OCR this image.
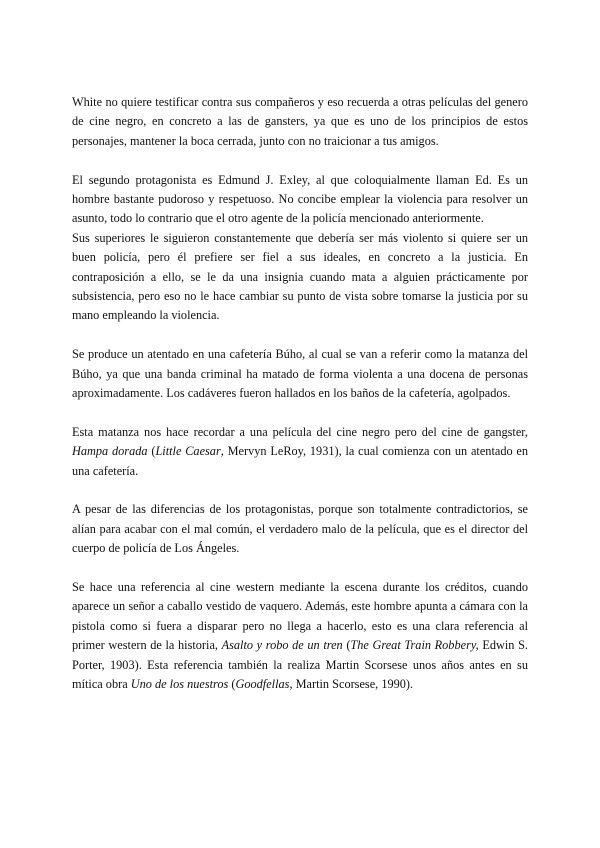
White no quiere testificar contra sus compañeros y eso recuerda a otras películas del genero de cine negro, en concreto a las de gansters, ya que es uno de los principios de estos personajes, mantener la boca cerrada, junto con no traicionar a tus amigos.

El segundo protagonista es Edmund J. Exley, al que coloquialmente llaman Ed. Es un hombre bastante pudoroso y respetuoso. No concibe emplear la violencia para resolver un asunto, todo lo contrario que el otro agente de la policía mencionado anteriormente.

Sus superiores le siguieron constantemente que debería ser más violento si quiere ser un buen policía, pero él prefiere ser fiel a sus ideales, en concreto a la justicia. En contraposición a ello, se le da una insignia cuando mata a alguien prácticamente por subsistencia, pero eso no le hace cambiar su punto de vista sobre tomarse la justicia por su mano empleando la violencia.

Se produce un atentado en una cafetería Búho, al cual se van a referir como la matanza del Búho, ya que una banda criminal ha matado de forma violenta a una docena de personas aproximadamente. Los cadáveres fueron hallados en los baños de la cafetería, agolpados.

Esta matanza nos hace recordar a una película del cine negro pero del cine de gangster, Hampa dorada (Little Caesar, Mervyn LeRoy, 1931), la cual comienza con un atentado en una cafetería.

A pesar de las diferencias de los protagonistas, porque son totalmente contradictorios, se alían para acabar con el mal común, el verdadero malo de la película, que es el director del cuerpo de policía de Los Ángeles.

Se hace una referencia al cine western mediante la escena durante los créditos, cuando aparece un señor a caballo vestido de vaquero. Además, este hombre apunta a cámara con la pistola como si fuera a disparar pero no llega a hacerlo, esto es una clara referencia al primer western de la historia, Asalto y robo de un tren (The Great Train Robbery, Edwin S. Porter, 1903). Esta referencia también la realiza Martin Scorsese unos años antes en su mítica obra Uno de los nuestros (Goodfellas, Martin Scorsese, 1990).
